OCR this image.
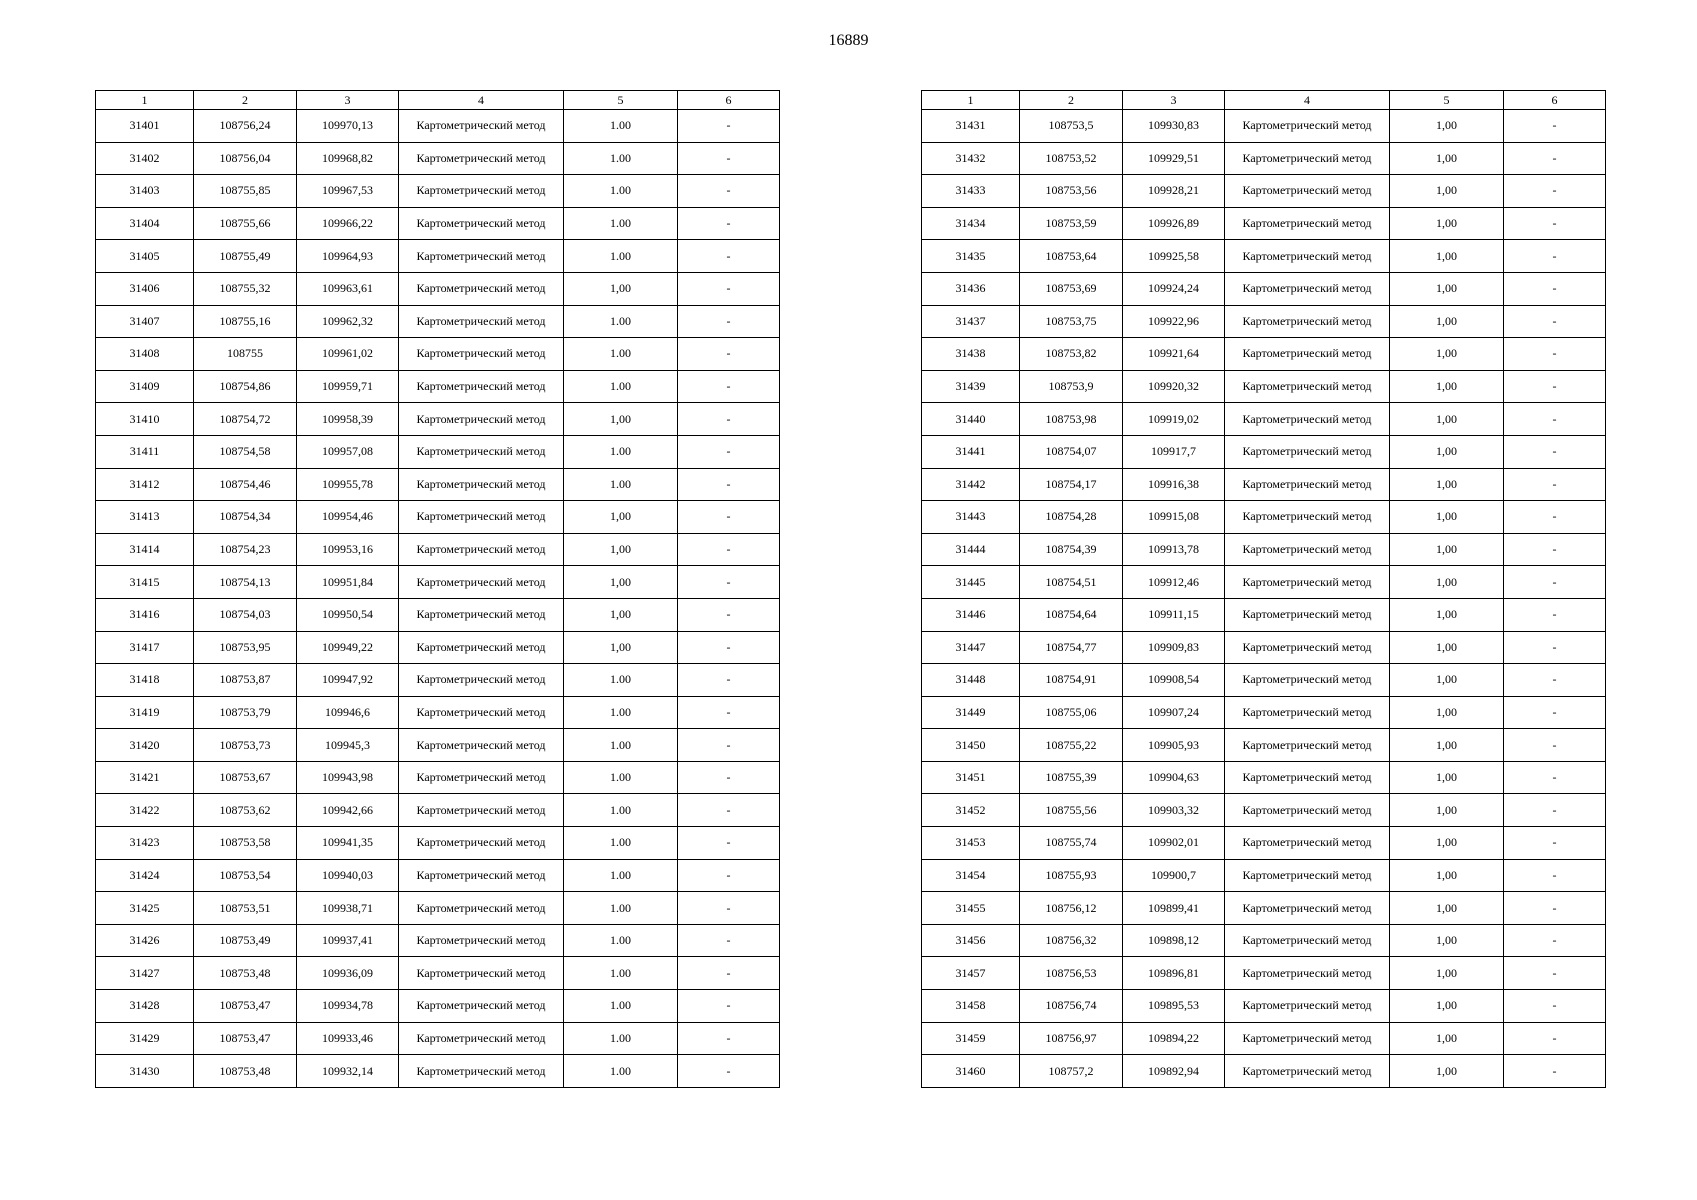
16889
1	2	3	4	5	6
31401	108756,24	109970,13	Картометрический метод	1.00	-
31402	108756,04	109968,82	Картометрический метод	1.00	-
31403	108755,85	109967,53	Картометрический метод	1.00	-
31404	108755,66	109966,22	Картометрический метод	1.00	-
31405	108755,49	109964,93	Картометрический метод	1.00	-
31406	108755,32	109963,61	Картометрический метод	1,00	-
31407	108755,16	109962,32	Картометрический метод	1.00	-
31408	108755	109961,02	Картометрический метод	1.00	-
31409	108754,86	109959,71	Картометрический метод	1.00	-
31410	108754,72	109958,39	Картометрический метод	1,00	-
31411	108754,58	109957,08	Картометрический метод	1.00	-
31412	108754,46	109955,78	Картометрический метод	1.00	-
31413	108754,34	109954,46	Картометрический метод	1,00	-
31414	108754,23	109953,16	Картометрический метод	1,00	-
31415	108754,13	109951,84	Картометрический метод	1,00	-
31416	108754,03	109950,54	Картометрический метод	1,00	-
31417	108753,95	109949,22	Картометрический метод	1,00	-
31418	108753,87	109947,92	Картометрический метод	1.00	-
31419	108753,79	109946,6	Картометрический метод	1.00	-
31420	108753,73	109945,3	Картометрический метод	1.00	-
31421	108753,67	109943,98	Картометрический метод	1.00	-
31422	108753,62	109942,66	Картометрический метод	1.00	-
31423	108753,58	109941,35	Картометрический метод	1.00	-
31424	108753,54	109940,03	Картометрический метод	1.00	-
31425	108753,51	109938,71	Картометрический метод	1.00	-
31426	108753,49	109937,41	Картометрический метод	1.00	-
31427	108753,48	109936,09	Картометрический метод	1.00	-
31428	108753,47	109934,78	Картометрический метод	1.00	-
31429	108753,47	109933,46	Картометрический метод	1.00	-
31430	108753,48	109932,14	Картометрический метод	1.00	-
1	2	3	4	5	6
31431	108753,5	109930,83	Картометрический метод	1,00	-
31432	108753,52	109929,51	Картометрический метод	1,00	-
31433	108753,56	109928,21	Картометрический метод	1,00	-
31434	108753,59	109926,89	Картометрический метод	1,00	-
31435	108753,64	109925,58	Картометрический метод	1,00	-
31436	108753,69	109924,24	Картометрический метод	1,00	-
31437	108753,75	109922,96	Картометрический метод	1,00	-
31438	108753,82	109921,64	Картометрический метод	1,00	-
31439	108753,9	109920,32	Картометрический метод	1,00	-
31440	108753,98	109919,02	Картометрический метод	1,00	-
31441	108754,07	109917,7	Картометрический метод	1,00	-
31442	108754,17	109916,38	Картометрический метод	1,00	-
31443	108754,28	109915,08	Картометрический метод	1,00	-
31444	108754,39	109913,78	Картометрический метод	1,00	-
31445	108754,51	109912,46	Картометрический метод	1,00	-
31446	108754,64	109911,15	Картометрический метод	1,00	-
31447	108754,77	109909,83	Картометрический метод	1,00	-
31448	108754,91	109908,54	Картометрический метод	1,00	-
31449	108755,06	109907,24	Картометрический метод	1,00	-
31450	108755,22	109905,93	Картометрический метод	1,00	-
31451	108755,39	109904,63	Картометрический метод	1,00	-
31452	108755,56	109903,32	Картометрический метод	1,00	-
31453	108755,74	109902,01	Картометрический метод	1,00	-
31454	108755,93	109900,7	Картометрический метод	1,00	-
31455	108756,12	109899,41	Картометрический метод	1,00	-
31456	108756,32	109898,12	Картометрический метод	1,00	-
31457	108756,53	109896,81	Картометрический метод	1,00	-
31458	108756,74	109895,53	Картометрический метод	1,00	-
31459	108756,97	109894,22	Картометрический метод	1,00	-
31460	108757,2	109892,94	Картометрический метод	1,00	-
